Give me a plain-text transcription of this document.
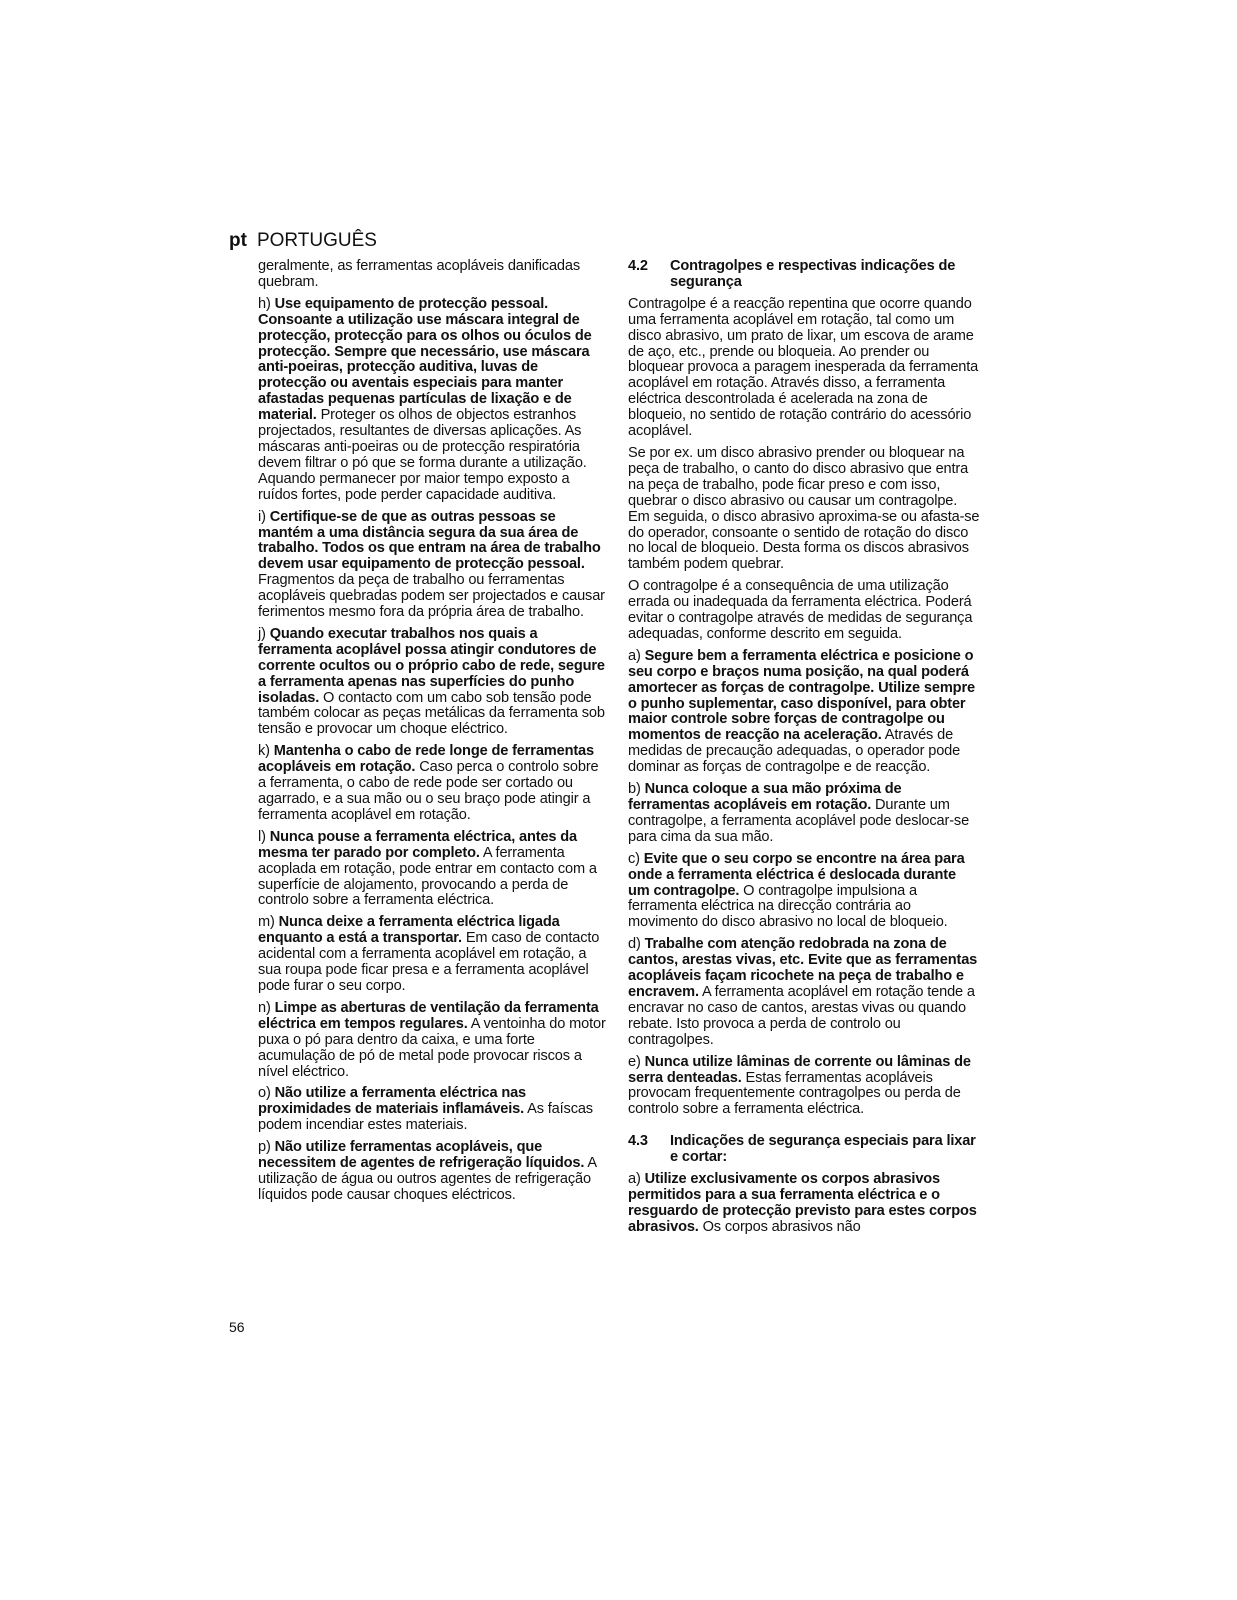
pt PORTUGUÊS

geralmente, as ferramentas acopláveis danificadas quebram.

h) Use equipamento de protecção pessoal. Consoante a utilização use máscara integral de protecção, protecção para os olhos ou óculos de protecção. Sempre que necessário, use máscara anti-poeiras, protecção auditiva, luvas de protecção ou aventais especiais para manter afastadas pequenas partículas de lixação e de material. Proteger os olhos de objectos estranhos projectados, resultantes de diversas aplicações. As máscaras anti-poeiras ou de protecção respiratória devem filtrar o pó que se forma durante a utilização. Aquando permanecer por maior tempo exposto a ruídos fortes, pode perder capacidade auditiva.

i) Certifique-se de que as outras pessoas se mantém a uma distância segura da sua área de trabalho. Todos os que entram na área de trabalho devem usar equipamento de protecção pessoal. Fragmentos da peça de trabalho ou ferramentas acopláveis quebradas podem ser projectados e causar ferimentos mesmo fora da própria área de trabalho.

j) Quando executar trabalhos nos quais a ferramenta acoplável possa atingir condutores de corrente ocultos ou o próprio cabo de rede, segure a ferramenta apenas nas superfícies do punho isoladas. O contacto com um cabo sob tensão pode também colocar as peças metálicas da ferramenta sob tensão e provocar um choque eléctrico.

k) Mantenha o cabo de rede longe de ferramentas acopláveis em rotação. Caso perca o controlo sobre a ferramenta, o cabo de rede pode ser cortado ou agarrado, e a sua mão ou o seu braço pode atingir a ferramenta acoplável em rotação.

l) Nunca pouse a ferramenta eléctrica, antes da mesma ter parado por completo. A ferramenta acoplada em rotação, pode entrar em contacto com a superfície de alojamento, provocando a perda de controlo sobre a ferramenta eléctrica.

m) Nunca deixe a ferramenta eléctrica ligada enquanto a está a transportar. Em caso de contacto acidental com a ferramenta acoplável em rotação, a sua roupa pode ficar presa e a ferramenta acoplável pode furar o seu corpo.

n) Limpe as aberturas de ventilação da ferramenta eléctrica em tempos regulares. A ventoinha do motor puxa o pó para dentro da caixa, e uma forte acumulação de pó de metal pode provocar riscos a nível eléctrico.

o) Não utilize a ferramenta eléctrica nas proximidades de materiais inflamáveis. As faíscas podem incendiar estes materiais.

p) Não utilize ferramentas acopláveis, que necessitem de agentes de refrigeração líquidos. A utilização de água ou outros agentes de refrigeração líquidos pode causar choques eléctricos.

4.2	Contragolpes e respectivas indicações de segurança

Contragolpe é a reacção repentina que ocorre quando uma ferramenta acoplável em rotação, tal como um disco abrasivo, um prato de lixar, um escova de arame de aço, etc., prende ou bloqueia. Ao prender ou bloquear provoca a paragem inesperada da ferramenta acoplável em rotação. Através disso, a ferramenta eléctrica descontrolada é acelerada na zona de bloqueio, no sentido de rotação contrário do acessório acoplável.

Se por ex. um disco abrasivo prender ou bloquear na peça de trabalho, o canto do disco abrasivo que entra na peça de trabalho, pode ficar preso e com isso, quebrar o disco abrasivo ou causar um contragolpe. Em seguida, o disco abrasivo aproxima-se ou afasta-se do operador, consoante o sentido de rotação do disco no local de bloqueio. Desta forma os discos abrasivos também podem quebrar.

O contragolpe é a consequência de uma utilização errada ou inadequada da ferramenta eléctrica. Poderá evitar o contragolpe através de medidas de segurança adequadas, conforme descrito em seguida.

a) Segure bem a ferramenta eléctrica e posicione o seu corpo e braços numa posição, na qual poderá amortecer as forças de contragolpe. Utilize sempre o punho suplementar, caso disponível, para obter maior controle sobre forças de contragolpe ou momentos de reacção na aceleração. Através de medidas de precaução adequadas, o operador pode dominar as forças de contragolpe e de reacção.

b) Nunca coloque a sua mão próxima de ferramentas acopláveis em rotação. Durante um contragolpe, a ferramenta acoplável pode deslocar-se para cima da sua mão.

c) Evite que o seu corpo se encontre na área para onde a ferramenta eléctrica é deslocada durante um contragolpe. O contragolpe impulsiona a ferramenta eléctrica na direcção contrária ao movimento do disco abrasivo no local de bloqueio.

d) Trabalhe com atenção redobrada na zona de cantos, arestas vivas, etc. Evite que as ferramentas acopláveis façam ricochete na peça de trabalho e encravem. A ferramenta acoplável em rotação tende a encravar no caso de cantos, arestas vivas ou quando rebate. Isto provoca a perda de controlo ou contragolpes.

e) Nunca utilize lâminas de corrente ou lâminas de serra denteadas. Estas ferramentas acopláveis provocam frequentemente contragolpes ou perda de controlo sobre a ferramenta eléctrica.

4.3	Indicações de segurança especiais para lixar e cortar:

a) Utilize exclusivamente os corpos abrasivos permitidos para a sua ferramenta eléctrica e o resguardo de protecção previsto para estes corpos abrasivos. Os corpos abrasivos não

56
